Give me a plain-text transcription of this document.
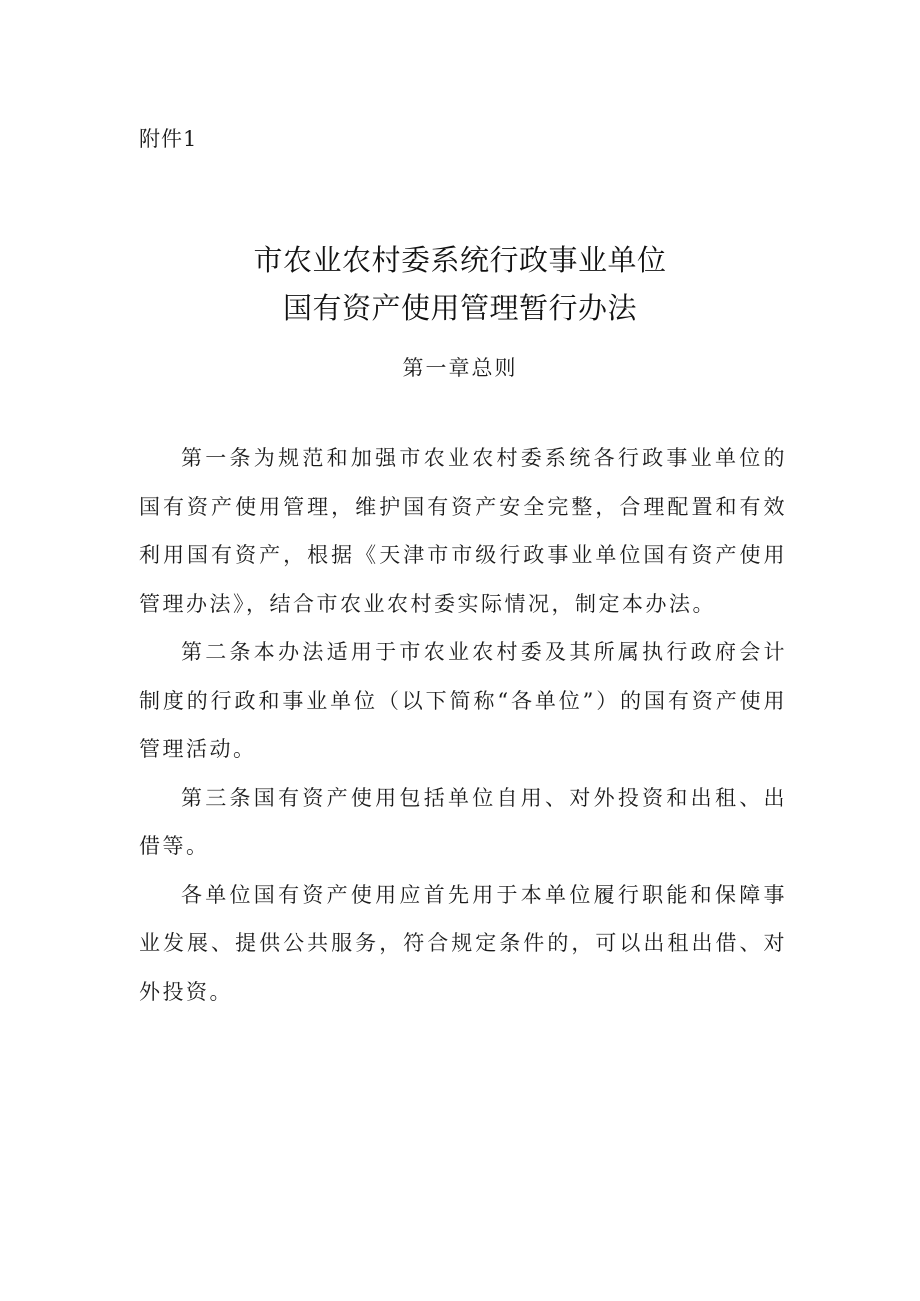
附件1
市农业农村委系统行政事业单位
国有资产使用管理暂行办法
第一章总则

第一条为规范和加强市农业农村委系统各行政事业单位的国有资产使用管理，维护国有资产安全完整，合理配置和有效利用国有资产，根据《天津市市级行政事业单位国有资产使用管理办法》，结合市农业农村委实际情况，制定本办法。

第二条本办法适用于市农业农村委及其所属执行政府会计制度的行政和事业单位（以下简称“各单位”）的国有资产使用管理活动。

第三条国有资产使用包括单位自用、对外投资和出租、出借等。

各单位国有资产使用应首先用于本单位履行职能和保障事业发展、提供公共服务，符合规定条件的，可以出租出借、对外投资。
